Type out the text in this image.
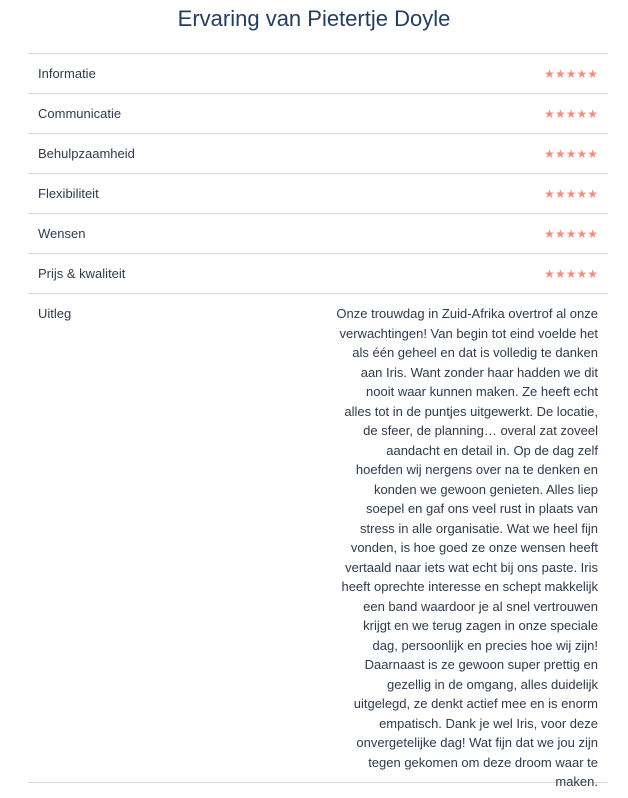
Ervaring van Pietertje Doyle
Informatie	★ ★ ★ ★ ★
Communicatie	★ ★ ★ ★ ★
Behulpzaamheid	★ ★ ★ ★ ★
Flexibiliteit	★ ★ ★ ★ ★
Wensen	★ ★ ★ ★ ★
Prijs & kwaliteit	★ ★ ★ ★ ★
Uitleg	Onze trouwdag in Zuid-Afrika overtrof al onze verwachtingen! Van begin tot eind voelde het als één geheel en dat is volledig te danken aan Iris. Want zonder haar hadden we dit nooit waar kunnen maken. Ze heeft echt alles tot in de puntjes uitgewerkt. De locatie, de sfeer, de planning… overal zat zoveel aandacht en detail in. Op de dag zelf hoefden wij nergens over na te denken en konden we gewoon genieten. Alles liep soepel en gaf ons veel rust in plaats van stress in alle organisatie. Wat we heel fijn vonden, is hoe goed ze onze wensen heeft vertaald naar iets wat echt bij ons paste. Iris heeft oprechte interesse en schept makkelijk een band waardoor je al snel vertrouwen krijgt en we terug zagen in onze speciale dag, persoonlijk en precies hoe wij zijn! Daarnaast is ze gewoon super prettig en gezellig in de omgang, alles duidelijk uitgelegd, ze denkt actief mee en is enorm empatisch. Dank je wel Iris, voor deze onvergetelijke dag! Wat fijn dat we jou zijn tegen gekomen om deze droom waar te maken.
